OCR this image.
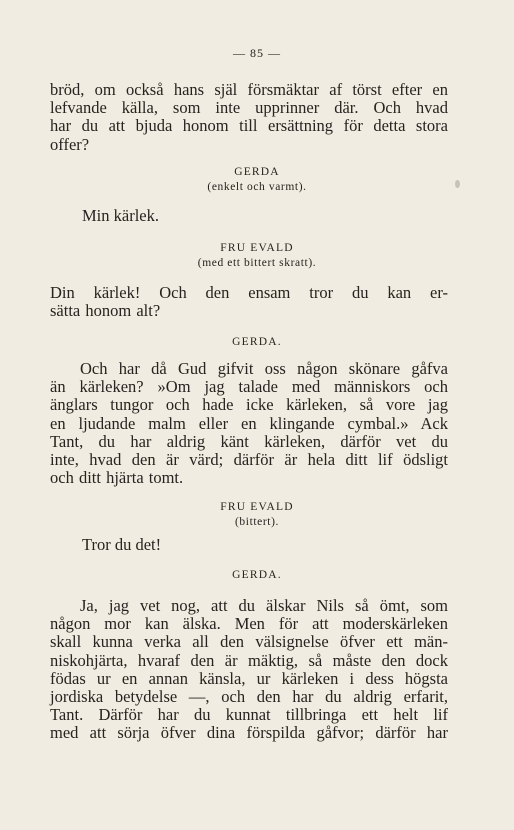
— 85 —
bröd, om också hans själ försmäktar af törst efter en
lefvande källa, som inte upprinner där. Och hvad
har du att bjuda honom till ersättning för detta stora
offer?
GERDA
(enkelt och varmt).
Min kärlek.
FRU EVALD
(med ett bittert skratt).
Din kärlek! Och den ensam tror du kan er-
sätta honom alt?
GERDA.
Och har då Gud gifvit oss någon skönare gåfva
än kärleken? »Om jag talade med människors och
änglars tungor och hade icke kärleken, så vore jag
en ljudande malm eller en klingande cymbal.» Ack
Tant, du har aldrig känt kärleken, därför vet du
inte, hvad den är värd; därför är hela ditt lif ödsligt
och ditt hjärta tomt.
FRU EVALD
(bittert).
Tror du det!
GERDA.
Ja, jag vet nog, att du älskar Nils så ömt, som
någon mor kan älska. Men för att moderskärleken
skall kunna verka all den välsignelse öfver ett män-
niskohjärta, hvaraf den är mäktig, så måste den dock
födas ur en annan känsla, ur kärleken i dess högsta
jordiska betydelse —, och den har du aldrig erfarit,
Tant. Därför har du kunnat tillbringa ett helt lif
med att sörja öfver dina förspilda gåfvor; därför har
